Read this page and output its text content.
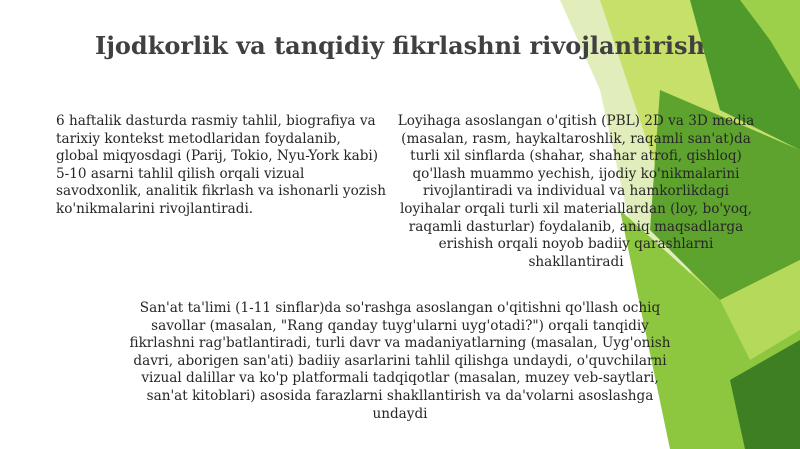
Ijodkorlik va tanqidiy fikrlashni rivojlantirish

6 haftalik dasturda rasmiy tahlil, biografiya va tarixiy kontekst metodlaridan foydalanib, global miqyosdagi (Parij, Tokio, Nyu-York kabi) 5-10 asarni tahlil qilish orqali vizual savodxonlik, analitik fikrlash va ishonarli yozish ko'nikmalarini rivojlantiradi.

Loyihaga asoslangan o'qitish (PBL) 2D va 3D media (masalan, rasm, haykaltaroshlik, raqamli san'at)da turli xil sinflarda (shahar, shahar atrofi, qishloq) qo'llash muammo yechish, ijodiy ko'nikmalarini rivojlantiradi va individual va hamkorlikdagi loyihalar orqali turli xil materiallardan (loy, bo'yoq, raqamli dasturlar) foydalanib, aniq maqsadlarga erishish orqali noyob badiiy qarashlarni shakllantiradi

San'at ta'limi (1-11 sinflar)da so'rashga asoslangan o'qitishni qo'llash ochiq savollar (masalan, "Rang qanday tuyg'ularni uyg'otadi?") orqali tanqidiy fikrlashni rag'batlantiradi, turli davr va madaniyatlarning (masalan, Uyg'onish davri, aborigen san'ati) badiiy asarlarini tahlil qilishga undaydi, o'quvchilarni vizual dalillar va ko'p platformali tadqiqotlar (masalan, muzey veb-saytlari, san'at kitoblari) asosida farazlarni shakllantirish va da'volarni asoslashga undaydi
